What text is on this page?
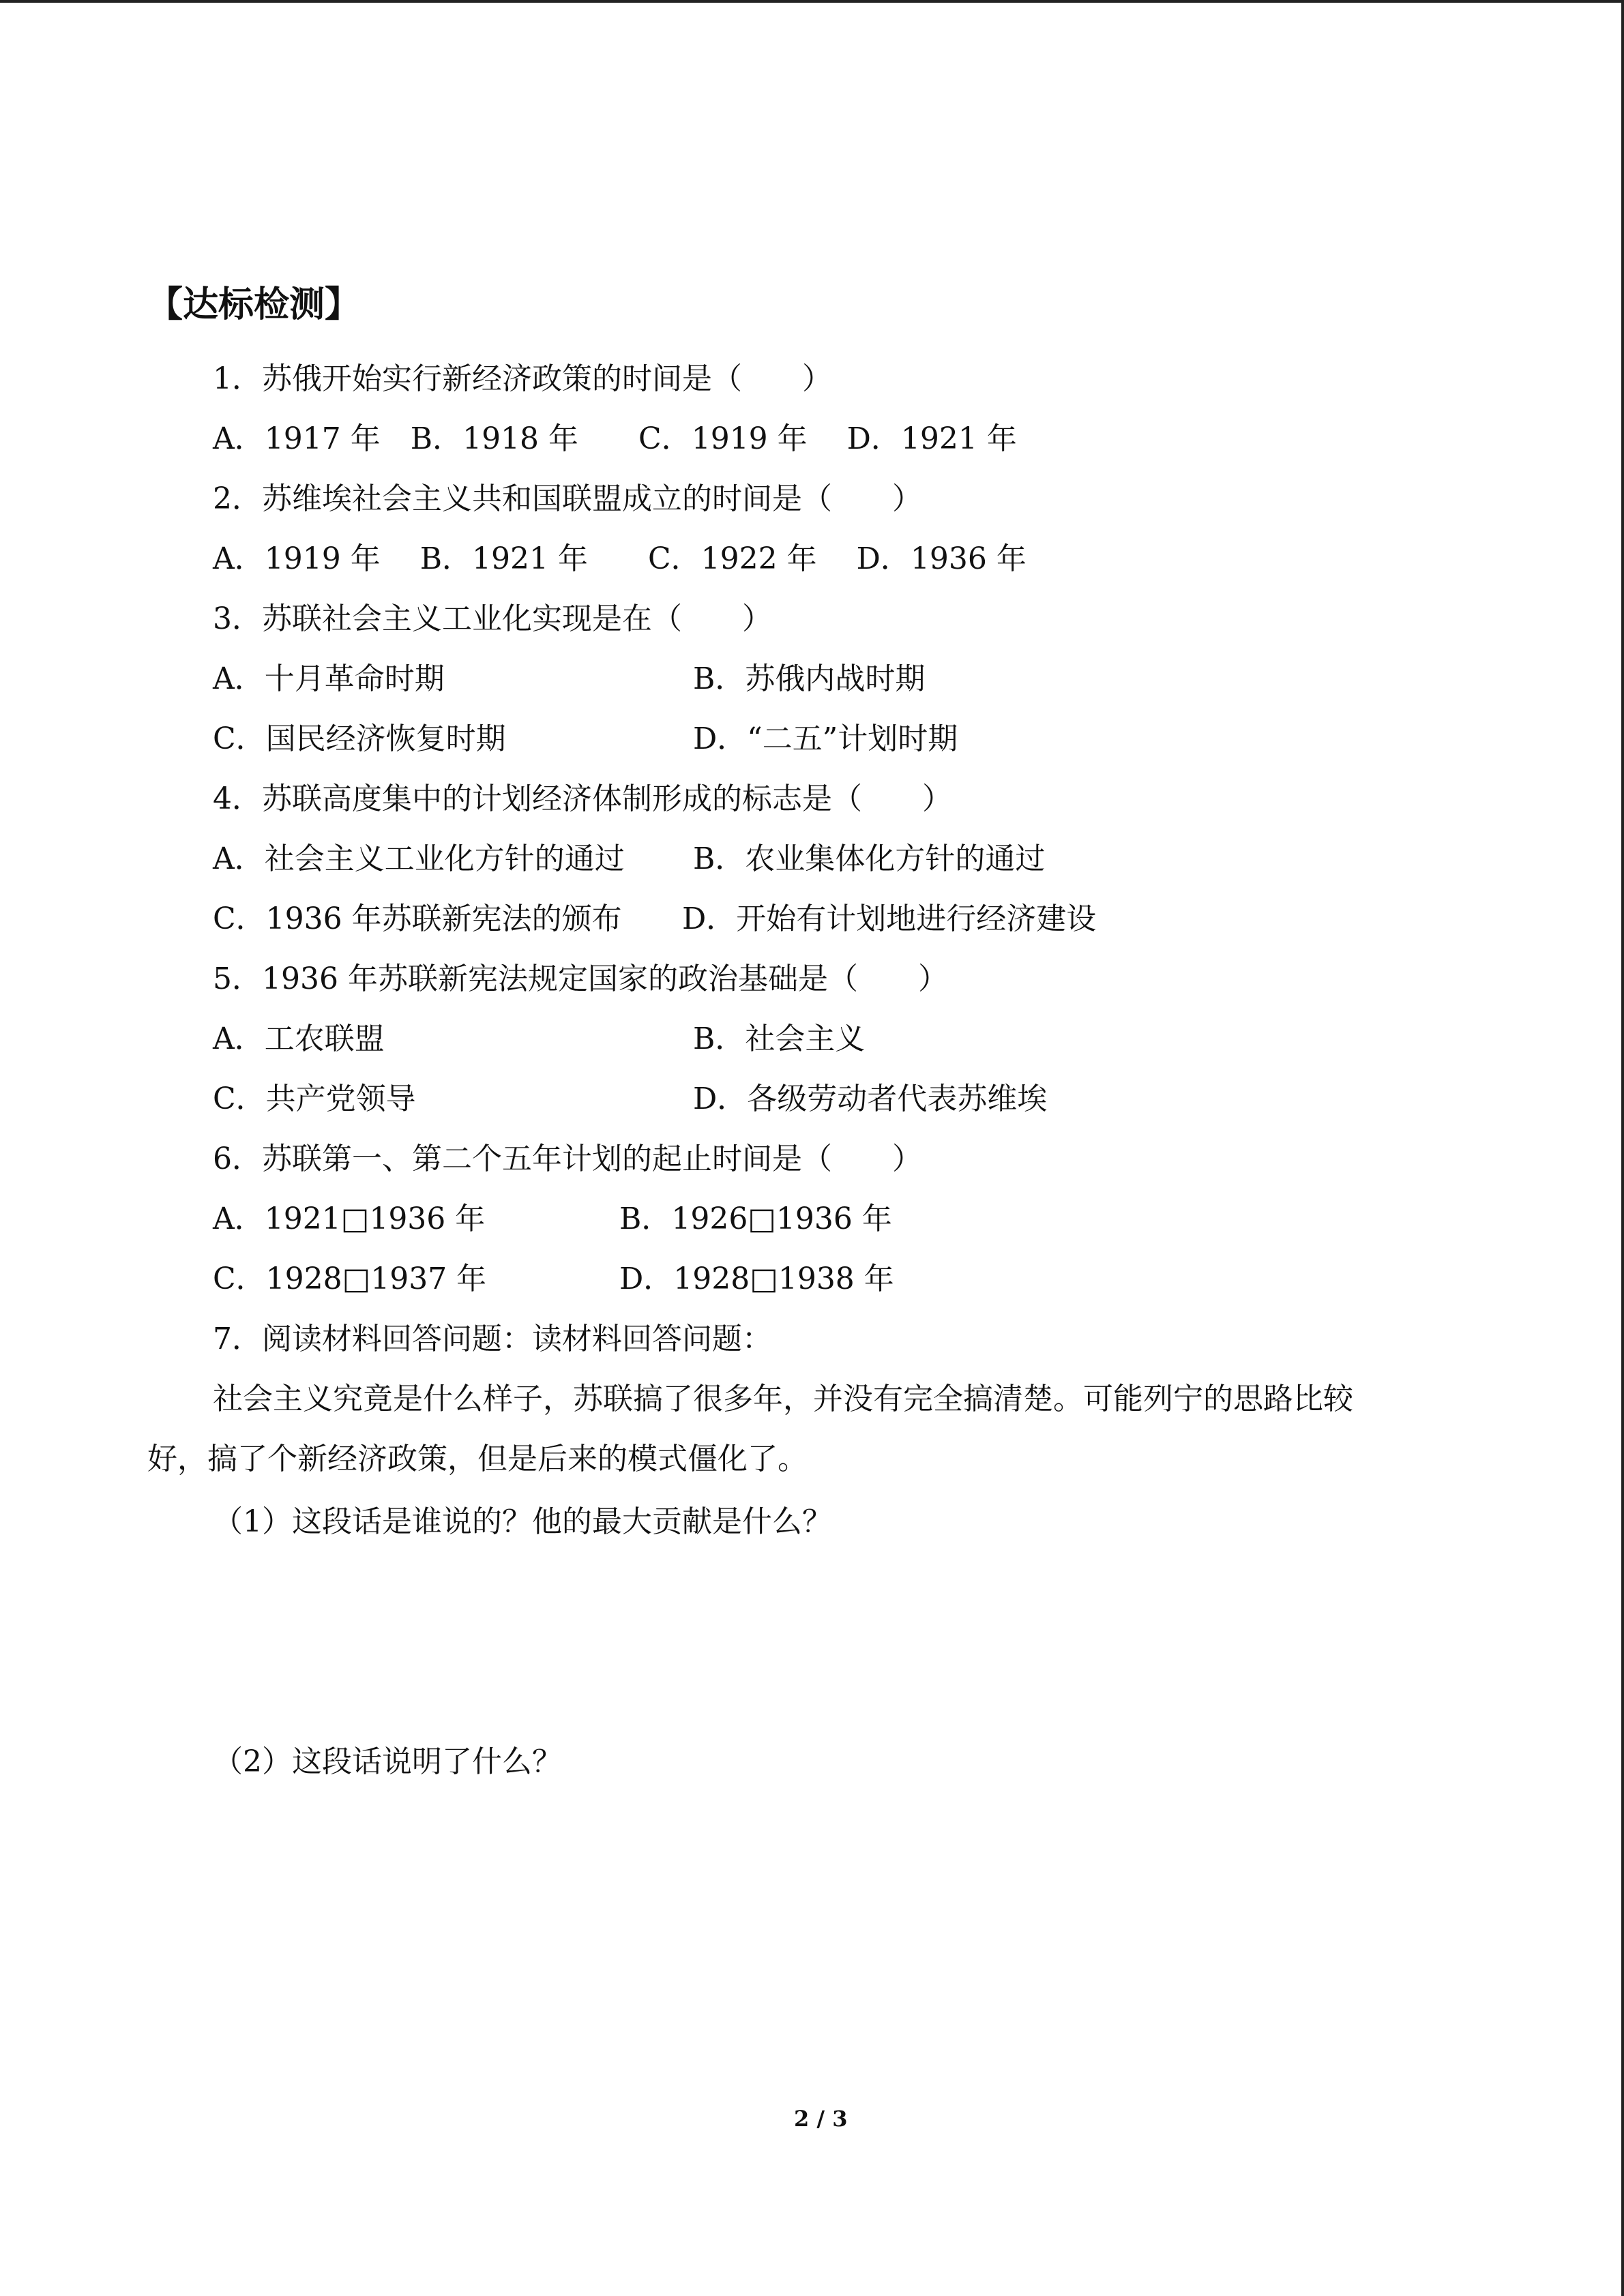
【达标检测】
1．苏俄开始实行新经济政策的时间是（　　）
A．1917 年　B．1918 年　　C．1919 年　 D．1921 年
2．苏维埃社会主义共和国联盟成立的时间是（　　）
A．1919 年　 B．1921 年　　C．1922 年　 D．1936 年
3．苏联社会主义工业化实现是在（　　）
A．十月革命时期	B．苏俄内战时期
C．国民经济恢复时期	D．“二五”计划时期
4．苏联高度集中的计划经济体制形成的标志是（　　）
A．社会主义工业化方针的通过 B．农业集体化方针的通过
C．1936 年苏联新宪法的颁布 D．开始有计划地进行经济建设
5．1936 年苏联新宪法规定国家的政治基础是（　　）
A．工农联盟	B．社会主义
C．共产党领导	D．各级劳动者代表苏维埃
6．苏联第一、第二个五年计划的起止时间是（　　）
A．1921□1936 年	B．1926□1936 年
C．1928□1937 年	D．1928□1938 年
7．阅读材料回答问题：读材料回答问题：
社会主义究竟是什么样子，苏联搞了很多年，并没有完全搞清楚。可能列宁的思路比较
好，搞了个新经济政策，但是后来的模式僵化了。
（1）这段话是谁说的？他的最大贡献是什么？
（2）这段话说明了什么？
2 / 3
